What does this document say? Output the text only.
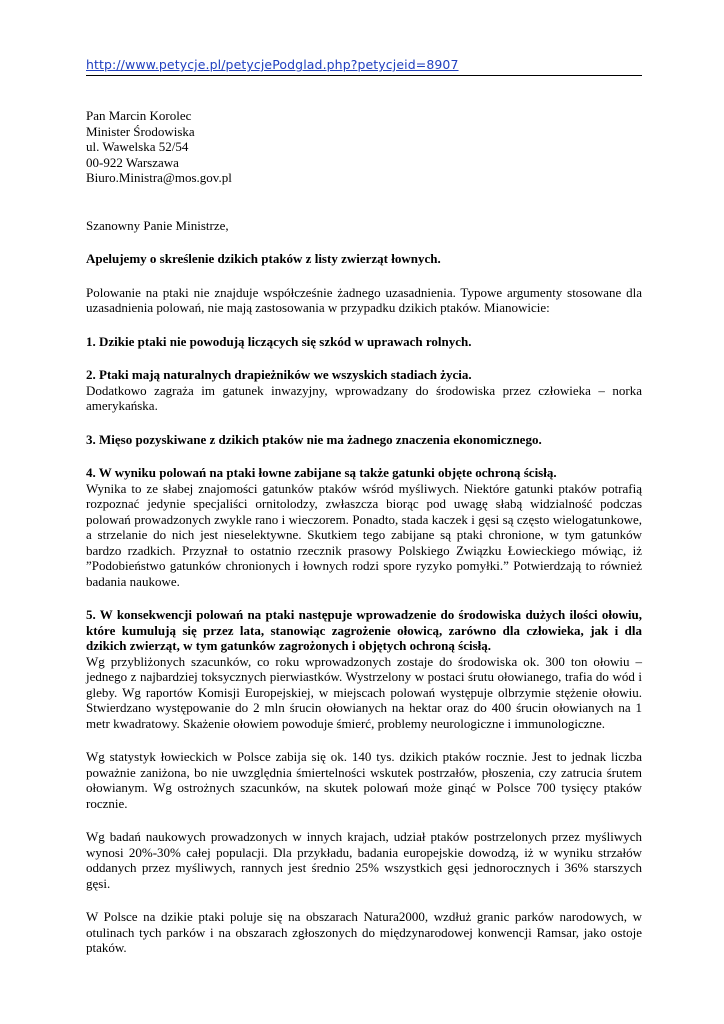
http://www.petycje.pl/petycjePodglad.php?petycjeid=8907
Pan Marcin Korolec
Minister Środowiska
ul. Wawelska 52/54
00-922 Warszawa
Biuro.Ministra@mos.gov.pl

Szanowny Panie Ministrze,

Apelujemy o skreślenie dzikich ptaków z listy zwierząt łownych.

Polowanie na ptaki nie znajduje współcześnie żadnego uzasadnienia. Typowe argumenty stosowane dla uzasadnienia polowań, nie mają zastosowania w przypadku dzikich ptaków. Mianowicie:

1. Dzikie ptaki nie powodują liczących się szkód w uprawach rolnych.

2. Ptaki mają naturalnych drapieżników we wszyskich stadiach życia.

Dodatkowo zagraża im gatunek inwazyjny, wprowadzany do środowiska przez człowieka – norka amerykańska.

3. Mięso pozyskiwane z dzikich ptaków nie ma żadnego znaczenia ekonomicznego.

4. W wyniku polowań na ptaki łowne zabijane są także gatunki objęte ochroną ścisłą.

Wynika to ze słabej znajomości gatunków ptaków wśród myśliwych. Niektóre gatunki ptaków potrafią rozpoznać jedynie specjaliści ornitolodzy, zwłaszcza biorąc pod uwagę słabą widzialność podczas polowań prowadzonych zwykle rano i wieczorem. Ponadto, stada kaczek i gęsi są często wielogatunkowe, a strzelanie do nich jest nieselektywne. Skutkiem tego zabijane są ptaki chronione, w tym gatunków bardzo rzadkich. Przyznał to ostatnio rzecznik prasowy Polskiego Związku Łowieckiego mówiąc, iż ”Podobieństwo gatunków chronionych i łownych rodzi spore ryzyko pomyłki.” Potwierdzają to również badania naukowe.

5. W konsekwencji polowań na ptaki następuje wprowadzenie do środowiska dużych ilości ołowiu, które kumulują się przez lata, stanowiąc zagrożenie ołowicą, zarówno dla człowieka, jak i dla dzikich zwierząt, w tym gatunków zagrożonych i objętych ochroną ścisłą.

Wg przybliżonych szacunków, co roku wprowadzonych zostaje do środowiska ok. 300 ton ołowiu – jednego z najbardziej toksycznych pierwiastków. Wystrzelony w postaci śrutu ołowianego, trafia do wód i gleby. Wg raportów Komisji Europejskiej, w miejscach polowań występuje olbrzymie stężenie ołowiu. Stwierdzano występowanie do 2 mln śrucin ołowianych na hektar oraz do 400 śrucin ołowianych na 1 metr kwadratowy. Skażenie ołowiem powoduje śmierć, problemy neurologiczne i immunologiczne.

Wg statystyk łowieckich w Polsce zabija się ok. 140 tys. dzikich ptaków rocznie. Jest to jednak liczba poważnie zaniżona, bo nie uwzględnia śmiertelności wskutek postrzałów, płoszenia, czy zatrucia śrutem ołowianym. Wg ostrożnych szacunków, na skutek polowań może ginąć w Polsce 700 tysięcy ptaków rocznie.

Wg badań naukowych prowadzonych w innych krajach, udział ptaków postrzelonych przez myśliwych wynosi 20%-30% całej populacji. Dla przykładu, badania europejskie dowodzą, iż w wyniku strzałów oddanych przez myśliwych, rannych jest średnio 25% wszystkich gęsi jednorocznych i 36% starszych gęsi.

W Polsce na dzikie ptaki poluje się na obszarach Natura2000, wzdłuż granic parków narodowych, w otulinach tych parków i na obszarach zgłoszonych do międzynarodowej konwencji Ramsar, jako ostoje ptaków.
